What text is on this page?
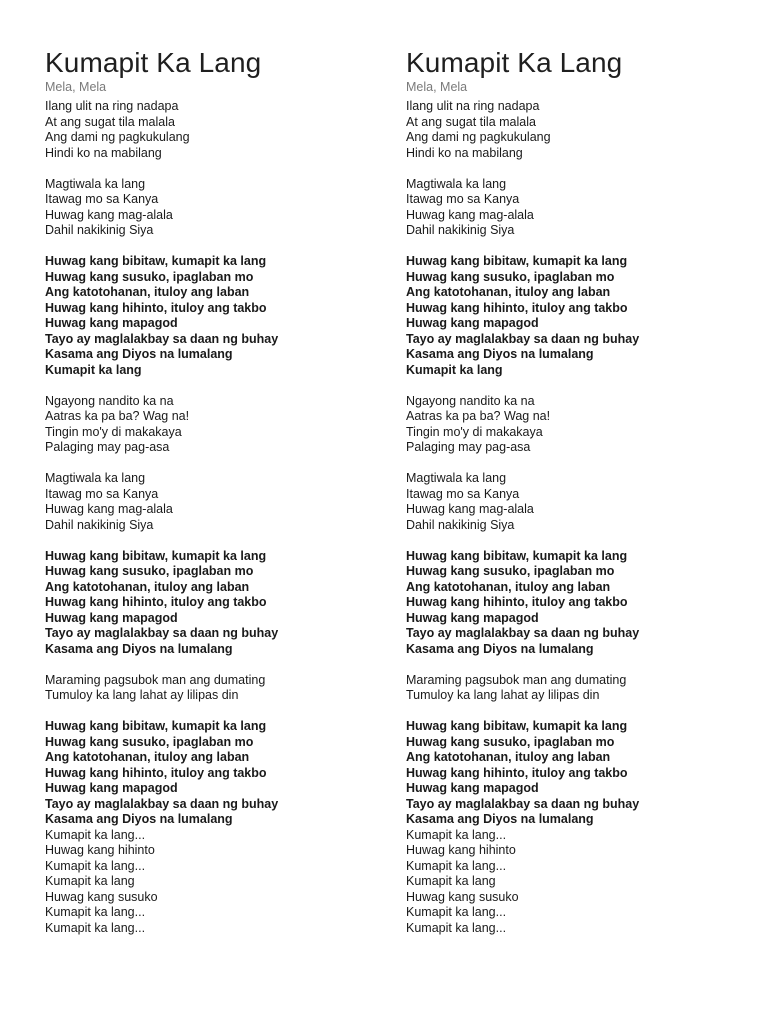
Kumapit Ka Lang
Mela, Mela
Ilang ulit na ring nadapa
At ang sugat tila malala
Ang dami ng pagkukulang
Hindi ko na mabilang
Magtiwala ka lang
Itawag mo sa Kanya
Huwag kang mag-alala
Dahil nakikinig Siya
Huwag kang bibitaw, kumapit ka lang
Huwag kang susuko, ipaglaban mo
Ang katotohanan, ituloy ang laban
Huwag kang hihinto, ituloy ang takbo
Huwag kang mapagod
Tayo ay maglalakbay sa daan ng buhay
Kasama ang Diyos na lumalang
Kumapit ka lang
Ngayong nandito ka na
Aatras ka pa ba? Wag na!
Tingin mo'y di makakaya
Palaging may pag-asa
Magtiwala ka lang
Itawag mo sa Kanya
Huwag kang mag-alala
Dahil nakikinig Siya
Huwag kang bibitaw, kumapit ka lang
Huwag kang susuko, ipaglaban mo
Ang katotohanan, ituloy ang laban
Huwag kang hihinto, ituloy ang takbo
Huwag kang mapagod
Tayo ay maglalakbay sa daan ng buhay
Kasama ang Diyos na lumalang
Maraming pagsubok man ang dumating
Tumuloy ka lang lahat ay lilipas din
Huwag kang bibitaw, kumapit ka lang
Huwag kang susuko, ipaglaban mo
Ang katotohanan, ituloy ang laban
Huwag kang hihinto, ituloy ang takbo
Huwag kang mapagod
Tayo ay maglalakbay sa daan ng buhay
Kasama ang Diyos na lumalang
Kumapit ka lang...
Huwag kang hihinto
Kumapit ka lang...
Kumapit ka lang
Huwag kang susuko
Kumapit ka lang...
Kumapit ka lang...
Kumapit Ka Lang
Mela, Mela
Ilang ulit na ring nadapa
At ang sugat tila malala
Ang dami ng pagkukulang
Hindi ko na mabilang
Magtiwala ka lang
Itawag mo sa Kanya
Huwag kang mag-alala
Dahil nakikinig Siya
Huwag kang bibitaw, kumapit ka lang
Huwag kang susuko, ipaglaban mo
Ang katotohanan, ituloy ang laban
Huwag kang hihinto, ituloy ang takbo
Huwag kang mapagod
Tayo ay maglalakbay sa daan ng buhay
Kasama ang Diyos na lumalang
Kumapit ka lang
Ngayong nandito ka na
Aatras ka pa ba? Wag na!
Tingin mo'y di makakaya
Palaging may pag-asa
Magtiwala ka lang
Itawag mo sa Kanya
Huwag kang mag-alala
Dahil nakikinig Siya
Huwag kang bibitaw, kumapit ka lang
Huwag kang susuko, ipaglaban mo
Ang katotohanan, ituloy ang laban
Huwag kang hihinto, ituloy ang takbo
Huwag kang mapagod
Tayo ay maglalakbay sa daan ng buhay
Kasama ang Diyos na lumalang
Maraming pagsubok man ang dumating
Tumuloy ka lang lahat ay lilipas din
Huwag kang bibitaw, kumapit ka lang
Huwag kang susuko, ipaglaban mo
Ang katotohanan, ituloy ang laban
Huwag kang hihinto, ituloy ang takbo
Huwag kang mapagod
Tayo ay maglalakbay sa daan ng buhay
Kasama ang Diyos na lumalang
Kumapit ka lang...
Huwag kang hihinto
Kumapit ka lang...
Kumapit ka lang
Huwag kang susuko
Kumapit ka lang...
Kumapit ka lang...
